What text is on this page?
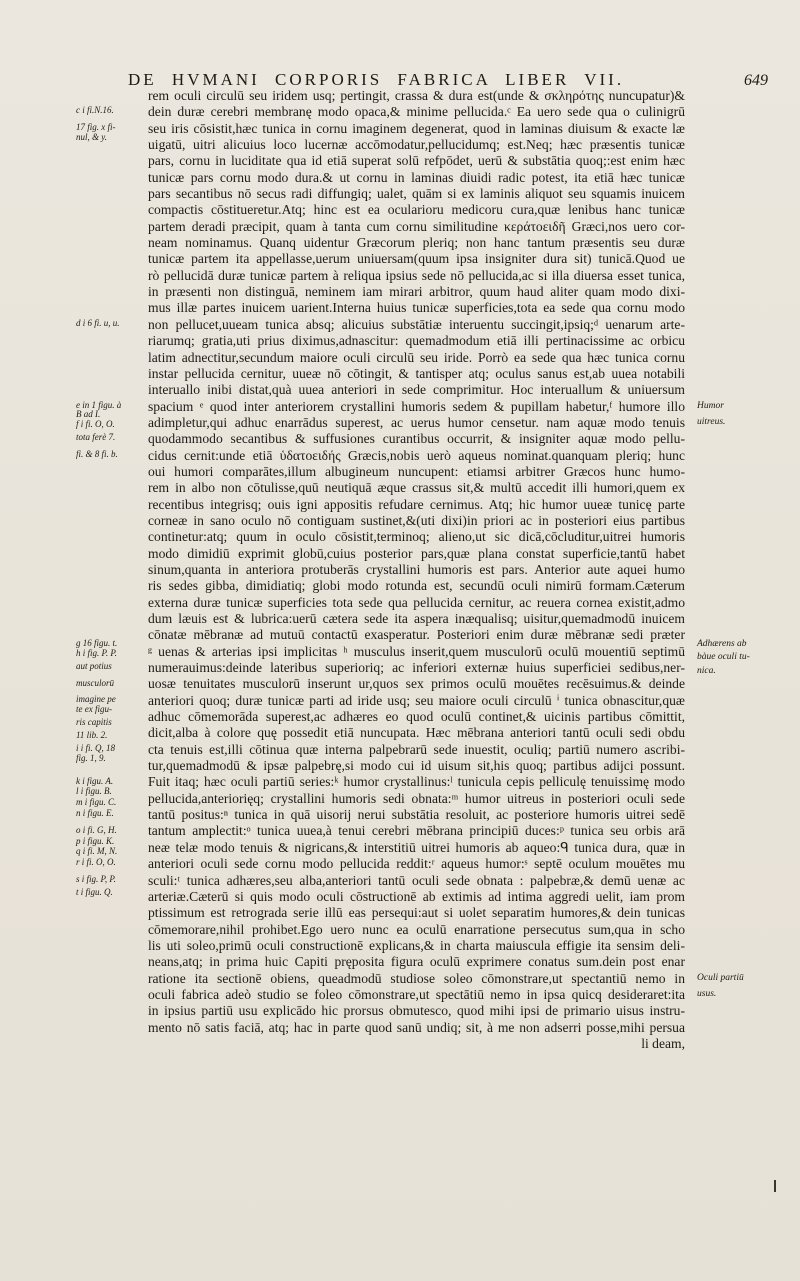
DE HVMANI CORPORIS FABRICA LIBER VII.	649
rem oculi circulū seu iridem usq; pertingit, crassa & dura est(unde & σκληρότης nuncupatur)&
dein duræ cerebri membranę modo opaca,& minime pellucida.ᶜ Ea uero sede qua o culinigrū
seu iris cōsistit,hæc tunica in cornu imaginem degenerat, quod in laminas diuisum & exacte læ
uigatū, uitri alicuius loco lucernæ accōmodatur,pellucidumq; est.Neq; hæc præsentis tunicæ
pars, cornu in luciditate qua id etiā superat solū refpōdet, uerū & substātia quoq;:est enim hæc
tunicæ pars cornu modo dura.& ut cornu in laminas diuidi radic potest, ita etiā hæc tunicæ
pars secantibus nō secus radi diffungiq; ualet, quām si ex laminis aliquot seu squamis inuicem
compactis cōstitueretur.Atq; hinc est ea ocularioru medicoru cura,quæ lenibus hanc tunicæ
partem deradi præcipit, quam à tanta cum cornu similitudine κεράτοειδῆ Græci,nos uero cor-
neam nominamus. Quanq uidentur Græcorum pleriq; non hanc tantum præsentis seu duræ
tunicæ partem ita appellasse,uerum uniuersam(quum ipsa insigniter dura sit) tunicā.Quod ue
rò pellucidā duræ tunicæ partem à reliqua ipsius sede nō pellucida,ac si illa diuersa esset tunica,
in præsenti non distinguā, neminem iam mirari arbitror, quum haud aliter quam modo dixi-
mus illæ partes inuicem uarient.Interna huius tunicæ superficies,tota ea sede qua cornu modo
non pellucet,uueam tunica absq; alicuius substātiæ interuentu succingit,ipsiq;ᵈ uenarum arte-
riarumq; gratia,uti prius diximus,adnascitur: quemadmodum etiā illi pertinacissime ac orbicu
latim adnectitur,secundum maiore oculi circulū seu iride. Porrò ea sede qua hæc tunica cornu
instar pellucida cernitur, uueæ nō cōtingit, & tantisper atq; oculus sanus est,ab uuea notabili
interuallo inibi distat,quà uuea anteriori in sede comprimitur. Hoc interuallum & uniuersum
spacium ᵉ quod inter anteriorem crystallini humoris sedem & pupillam habetur,ᶠ humore illo
adimpletur,qui adhuc enarrādus superest, ac uerus humor censetur. nam aquæ modo tenuis
quodammodo secantibus & suffusiones curantibus occurrit, & insigniter aquæ modo pellu-
cidus cernit:unde etiā ὑδατοειδής Græcis,nobis uerò aqueus nominat.quanquam pleriq; hunc
oui humori comparātes,illum albugineum nuncupent: etiamsi arbitrer Græcos hunc humo-
rem in albo non cōtulisse,quū neutiquā æque crassus sit,& multū accedit illi humori,quem ex
recentibus integrisq; ouis igni appositis refudare cernimus. Atq; hic humor uueæ tunicę parte
corneæ in sano oculo nō contiguam sustinet,&(uti dixi)in priori ac in posteriori eius partibus
continetur:atq; quum in oculo cōsistit,terminoq; alieno,ut sic dicā,cōcluditur,uitrei humoris
modo dimidiū exprimit globū,cuius posterior pars,quæ plana constat superficie,tantū habet
sinum,quanta in anteriora protuberās crystallini humoris est pars. Anterior aute aquei humo
ris sedes gibba, dimidiatiq; globi modo rotunda est, secundū oculi nimirū formam.Cæterum
externa duræ tunicæ superficies tota sede qua pellucida cernitur, ac reuera cornea existit,admo
dum læuis est & lubrica:uerū cætera sede ita aspera inæqualisq; uisitur,quemadmodū inuicem
cōnatæ mēbranæ ad mutuū contactū exasperatur. Posteriori enim duræ mēbranæ sedi præter
ᵍ uenas & arterias ipsi implicitas ʰ musculus inserit,quem musculorū oculū mouentiū septimū
numerauimus:deinde lateribus superioriq; ac inferiori externæ huius superficiei sedibus,ner-
uosæ tenuitates musculorū inserunt ur,quos sex primos oculū mouētes recēsuimus.& deinde
anteriori quoq; duræ tunicæ parti ad iride usq; seu maiore oculi circulū ⁱ tunica obnascitur,quæ
adhuc cōmemorāda superest,ac adhæres eo quod oculū continet,& uicinis partibus cōmittit,
dicit,alba à colore quę possedit etiā nuncupata. Hæc mēbrana anteriori tantū oculi sedi obdu
cta tenuis est,illi cōtinua quæ interna palpebrarū sede inuestit, oculiq; partiū numero ascribi-
tur,quemadmodū & ipsæ palpebrę,si modo cui id uisum sit,his quoq; partibus adijci possunt.
Fuit itaq; hæc oculi partiū series:ᵏ humor crystallinus:ˡ tunicula cepis pelliculę tenuissimę modo
pellucida,anteriorięq; crystallini humoris sedi obnata:ᵐ humor uitreus in posteriori oculi sede
tantū positus:ⁿ tunica in quā uisorij nerui substātia resoluit, ac posteriore humoris uitrei sedē
tantum amplectit:ᵒ tunica uuea,à tenui cerebri mēbrana principiū duces:ᵖ tunica seu orbis arā
neæ telæ modo tenuis & nigricans,& interstitiū uitrei humoris ab aqueo:ᑫ tunica dura, quæ in
anteriori oculi sede cornu modo pellucida reddit:ʳ aqueus humor:ˢ septē oculum mouētes mu
sculi:ᵗ tunica adhæres,seu alba,anteriori tantū oculi sede obnata : palpebræ,& demū uenæ ac
arteriæ.Cæterū si quis modo oculi cōstructionē ab extimis ad intima aggredi uelit, iam prom
ptissimum est retrograda serie illū eas persequi:aut si uolet separatim humores,& dein tunicas
cōmemorare,nihil prohibet.Ego uero nunc ea oculū enarratione persecutus sum,qua in scho
lis uti soleo,primū oculi constructionē explicans,& in charta maiuscula effigie ita sensim deli-
neans,atq; in prima huic Capiti pręposita figura oculū exprimere conatus sum.dein post enar
ratione ita sectionē obiens, queadmodū studiose soleo cōmonstrare,ut spectantiū nemo in
oculi fabrica adeò studio se foleo cōmonstrare,ut spectātiū nemo in ipsa quicq desideraret:ita
in ipsius partiū usu explicādo hic prorsus obmutesco, quod mihi ipsi de primario uisus instru-
mento nō satis faciā, atq; hac in parte quod sanū undiq; sit, à me non adserri posse,mihi persua
li deam,
c i fi.N.16.
17 fig. x fi-
nul, & y.
d i 6 fi. u, u.
e in 1 figu. à
B ad I.
f i fi. O, O.
tota ferè 7.
fi. & 8 fi. b.
g 16 figu. t.
h i fig. P. P.
aut potius
musculorū
imagine pe
te ex figu-
ris capitis
11 lib. 2.
i i fi. Q, 18
fig. 1, 9.
k i figu. A.
l i figu. B.
m i figu. C.
n i figu. E.
o i fi. G, H.
p i figu. K.
q i fi. M, N.
r i fi. O, O.
s i fig. P, P.
t i figu. Q.
Humor
uitreus.
Adhærens ab
bàue oculi tu-
nica.
Oculi partiū
usus.
